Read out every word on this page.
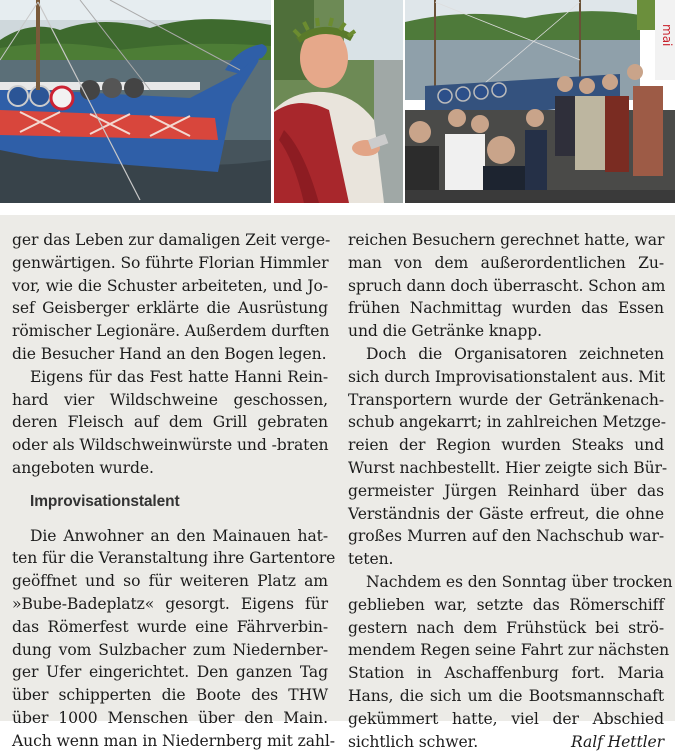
mai
ger das Leben zur damaligen Zeit verge-
genwärtigen. So führte Florian Himmler
vor, wie die Schuster arbeiteten, und Jo-
sef Geisberger erklärte die Ausrüstung
römischer Legionäre. Außerdem durften
die Besucher Hand an den Bogen legen.
Eigens für das Fest hatte Hanni Rein-
hard vier Wildschweine geschossen,
deren Fleisch auf dem Grill gebraten
oder als Wildschweinwürste und -braten
angeboten wurde.
Improvisationstalent
Die Anwohner an den Mainauen hat-
ten für die Veranstaltung ihre Gartentore
geöffnet und so für weiteren Platz am
»Bube-Badeplatz« gesorgt. Eigens für
das Römerfest wurde eine Fährverbin-
dung vom Sulzbacher zum Niedernber-
ger Ufer eingerichtet. Den ganzen Tag
über schipperten die Boote des THW
über 1000 Menschen über den Main.
Auch wenn man in Niedernberg mit zahl-
reichen Besuchern gerechnet hatte, war
man von dem außerordentlichen Zu-
spruch dann doch überrascht. Schon am
frühen Nachmittag wurden das Essen
und die Getränke knapp.
Doch die Organisatoren zeichneten
sich durch Improvisationstalent aus. Mit
Transportern wurde der Getränkenach-
schub angekarrt; in zahlreichen Metzge-
reien der Region wurden Steaks und
Wurst nachbestellt. Hier zeigte sich Bür-
germeister Jürgen Reinhard über das
Verständnis der Gäste erfreut, die ohne
großes Murren auf den Nachschub war-
teten.
Nachdem es den Sonntag über trocken
geblieben war, setzte das Römerschiff
gestern nach dem Frühstück bei strö-
mendem Regen seine Fahrt zur nächsten
Station in Aschaffenburg fort. Maria
Hans, die sich um die Bootsmannschaft
gekümmert hatte, viel der Abschied
sichtlich schwer.	Ralf Hettler
